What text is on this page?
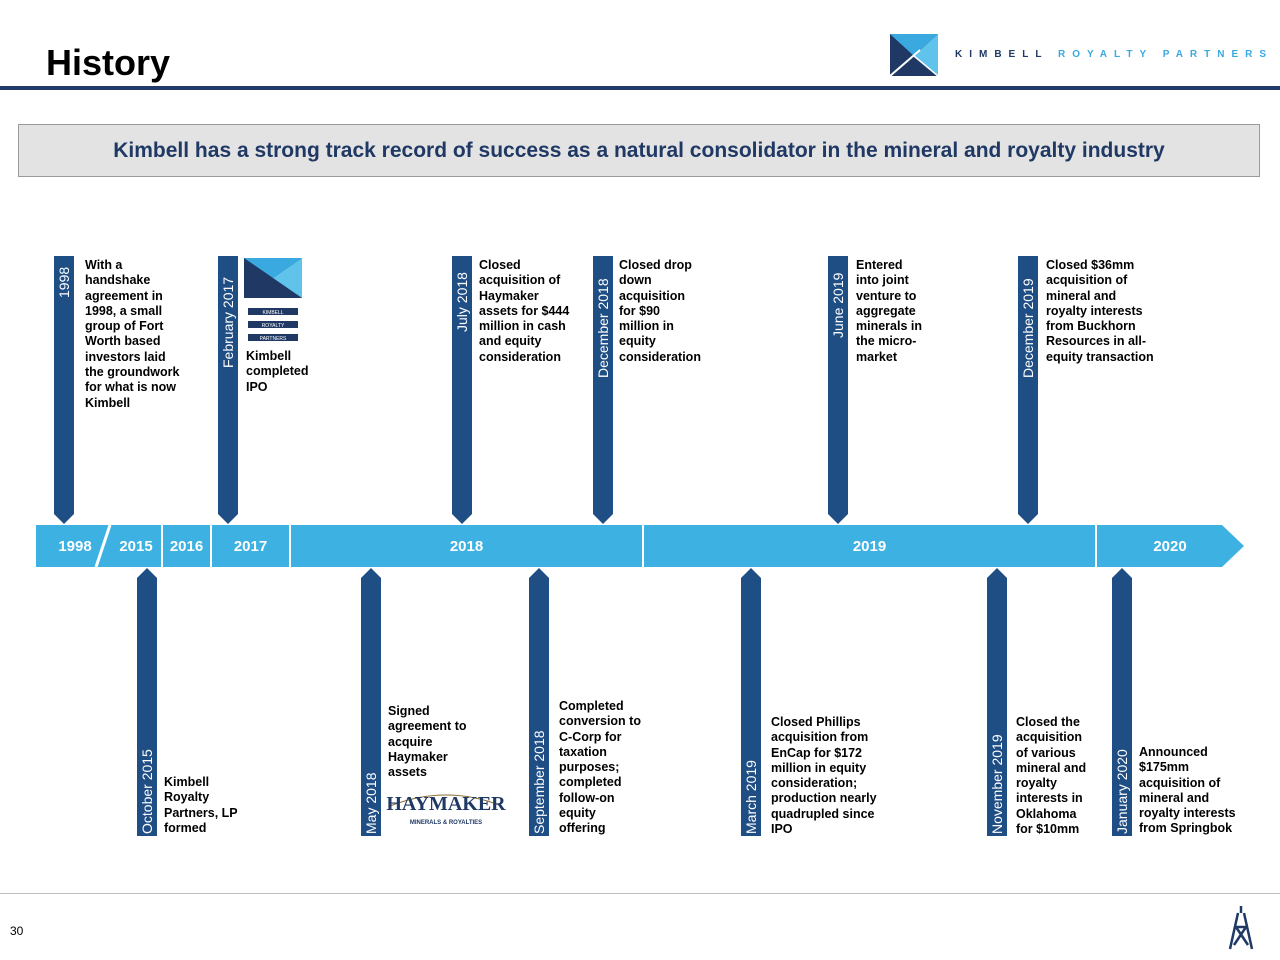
History	KIMBELL ROYALTY PARTNERS
Kimbell has a strong track record of success as a natural consolidator in the mineral and royalty industry
1998
With a
handshake
agreement in
1998, a small
group of Fort
Worth based
investors laid
the groundwork
for what is now
Kimbell
February 2017	KIMBELL
ROYALTY
PARTNERS
Kimbell
completed
IPO
July 2018
Closed
acquisition of
Haymaker
assets for $444
million in cash
and equity
consideration	December 2018
Closed drop
down
acquisition
for $90
million in
equity
consideration
June 2019
Entered
into joint
venture to
aggregate
minerals in
the micro-
market	December 2019
Closed $36mm
acquisition of
mineral and
royalty interests
from Buckhorn
Resources in all-
equity transaction
1998	2015	2016	2017	2018	2019	2020
October 2015 Kimbell
Royalty
Partners, LP
formed	May 2018
Signed
agreement to
acquire
Haymaker
assets
HAYMAKER
MINERALS & ROYALTIES	September 2018
Completed
conversion to
C-Corp for
taxation
purposes;
completed
follow-on
equity
offering	March 2019
Closed Phillips
acquisition from
EnCap for $172
million in equity
consideration;
production nearly
quadrupled since
IPO	November 2019
Closed the
acquisition
of various
mineral and
royalty
interests in
Oklahoma
for $10mm	January 2020 Announced
$175mm
acquisition of
mineral and
royalty interests
from Springbok
30
